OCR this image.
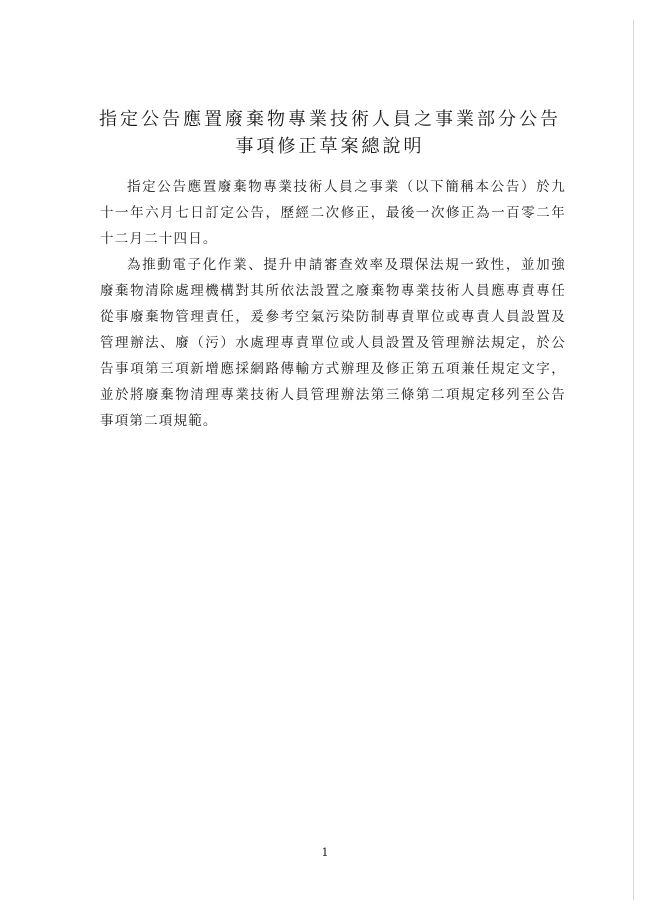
指定公告應置廢棄物專業技術人員之事業部分公告事項修正草案總說明

指定公告應置廢棄物專業技術人員之事業（以下簡稱本公告）於九十一年六月七日訂定公告，歷經二次修正，最後一次修正為一百零二年十二月二十四日。

為推動電子化作業、提升申請審查效率及環保法規一致性，並加強廢棄物清除處理機構對其所依法設置之廢棄物專業技術人員應專責專任從事廢棄物管理責任，爰參考空氣污染防制專責單位或專責人員設置及管理辦法、廢（污）水處理專責單位或人員設置及管理辦法規定，於公告事項第三項新增應採網路傳輸方式辦理及修正第五項兼任規定文字，並於將廢棄物清理專業技術人員管理辦法第三條第二項規定移列至公告事項第二項規範。

1
